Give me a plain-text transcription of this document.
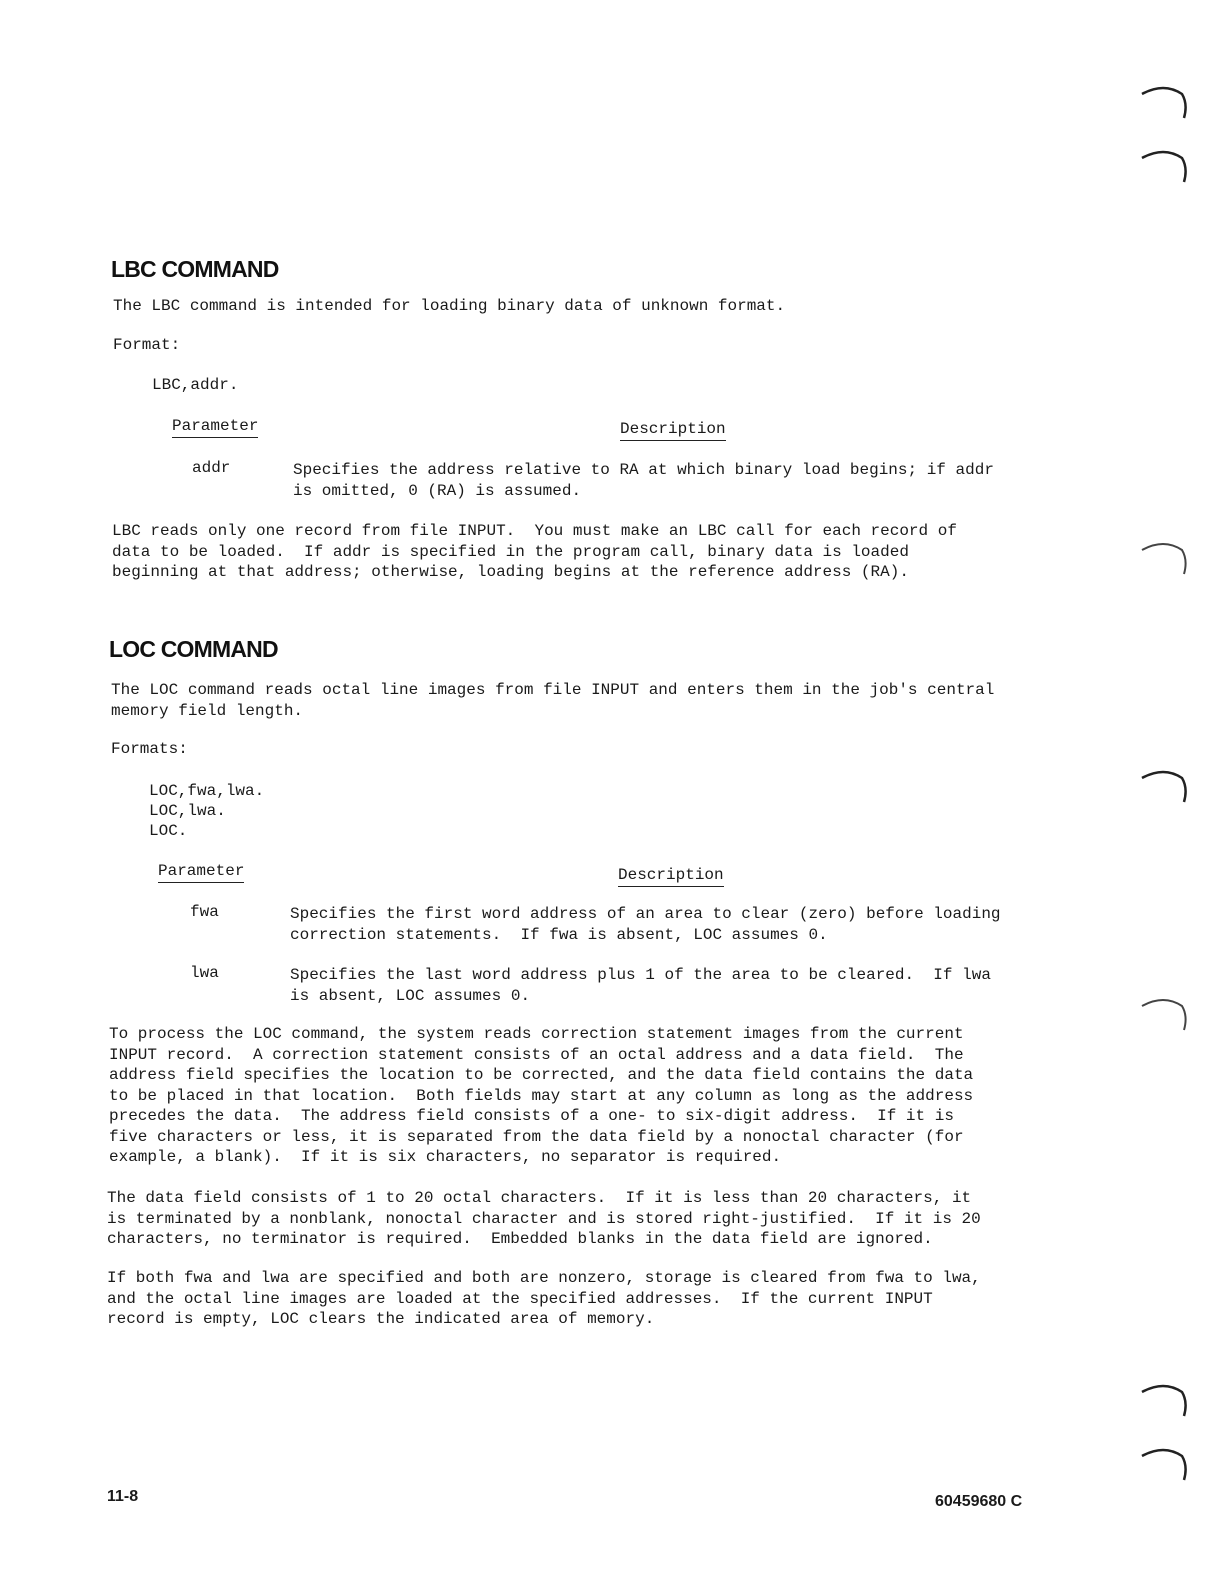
LBC COMMAND
The LBC command is intended for loading binary data of unknown format.
Format:
LBC,addr.
Parameter	Description
addr	Specifies the address relative to RA at which binary load begins; if addr
is omitted, 0 (RA) is assumed.
LBC reads only one record from file INPUT.  You must make an LBC call for each record of
data to be loaded.  If addr is specified in the program call, binary data is loaded
beginning at that address; otherwise, loading begins at the reference address (RA).
LOC COMMAND
The LOC command reads octal line images from file INPUT and enters them in the job's central
memory field length.
Formats:
LOC,fwa,lwa.
LOC,lwa.
LOC.
Parameter	Description
fwa	Specifies the first word address of an area to clear (zero) before loading
correction statements.  If fwa is absent, LOC assumes 0.
lwa	Specifies the last word address plus 1 of the area to be cleared.  If lwa
is absent, LOC assumes 0.
To process the LOC command, the system reads correction statement images from the current
INPUT record.  A correction statement consists of an octal address and a data field.  The
address field specifies the location to be corrected, and the data field contains the data
to be placed in that location.  Both fields may start at any column as long as the address
precedes the data.  The address field consists of a one- to six-digit address.  If it is
five characters or less, it is separated from the data field by a nonoctal character (for
example, a blank).  If it is six characters, no separator is required.
The data field consists of 1 to 20 octal characters.  If it is less than 20 characters, it
is terminated by a nonblank, nonoctal character and is stored right-justified.  If it is 20
characters, no terminator is required.  Embedded blanks in the data field are ignored.
If both fwa and lwa are specified and both are nonzero, storage is cleared from fwa to lwa,
and the octal line images are loaded at the specified addresses.  If the current INPUT
record is empty, LOC clears the indicated area of memory.
11-8	60459680 C
